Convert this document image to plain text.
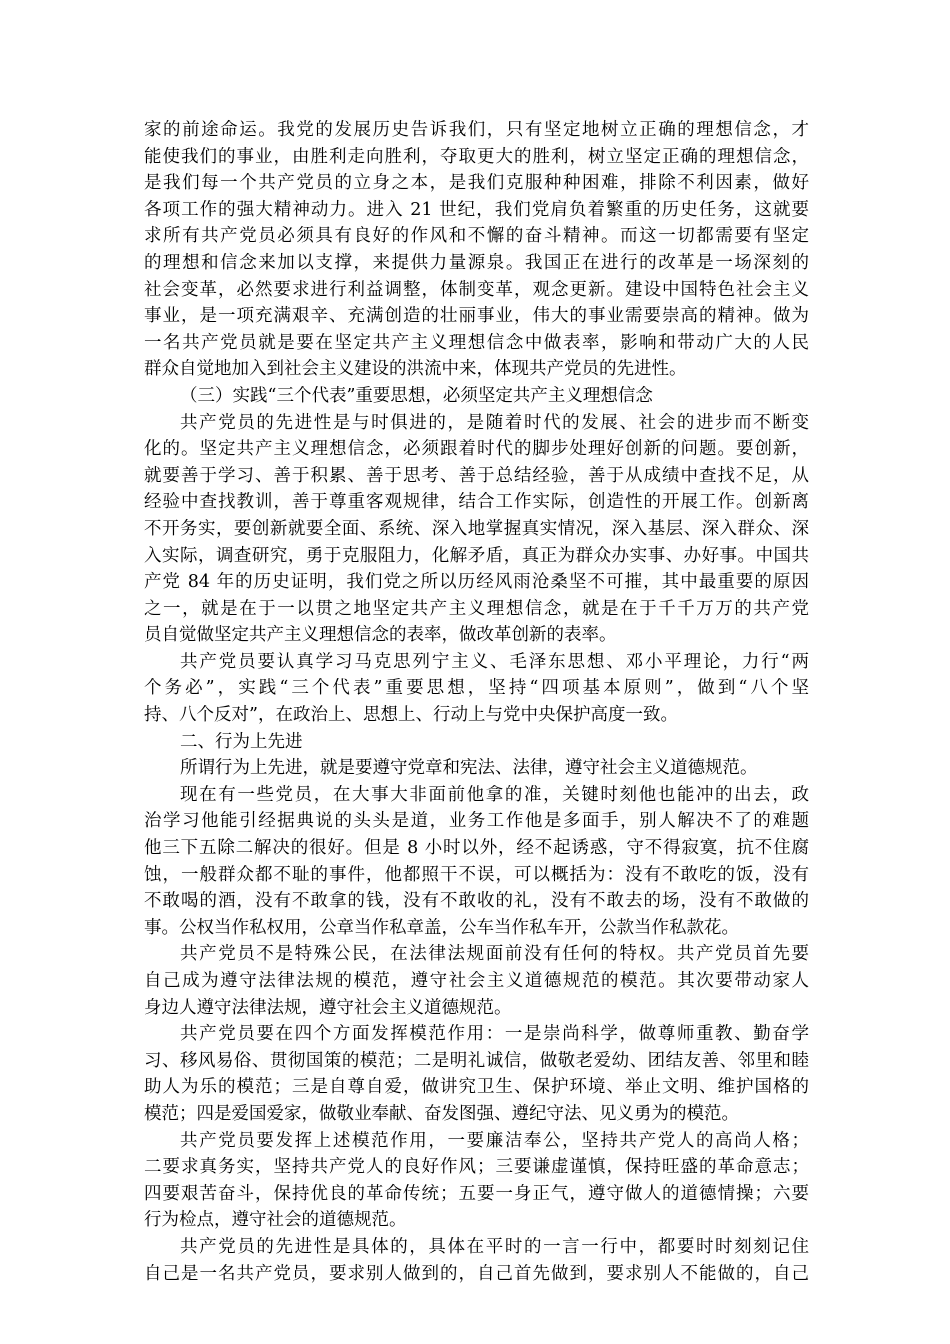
家的前途命运。我党的发展历史告诉我们，只有坚定地树立正确的理想信念，才
能使我们的事业，由胜利走向胜利，夺取更大的胜利，树立坚定正确的理想信念，
是我们每一个共产党员的立身之本，是我们克服种种困难，排除不利因素，做好
各项工作的强大精神动力。进入 21 世纪，我们党肩负着繁重的历史任务，这就要
求所有共产党员必须具有良好的作风和不懈的奋斗精神。而这一切都需要有坚定
的理想和信念来加以支撑，来提供力量源泉。我国正在进行的改革是一场深刻的
社会变革，必然要求进行利益调整，体制变革，观念更新。建设中国特色社会主义
事业，是一项充满艰辛、充满创造的壮丽事业，伟大的事业需要崇高的精神。做为
一名共产党员就是要在坚定共产主义理想信念中做表率，影响和带动广大的人民
群众自觉地加入到社会主义建设的洪流中来，体现共产党员的先进性。
（三）实践“三个代表”重要思想，必须坚定共产主义理想信念
共产党员的先进性是与时俱进的，是随着时代的发展、社会的进步而不断变
化的。坚定共产主义理想信念，必须跟着时代的脚步处理好创新的问题。要创新，
就要善于学习、善于积累、善于思考、善于总结经验，善于从成绩中查找不足，从
经验中查找教训，善于尊重客观规律，结合工作实际，创造性的开展工作。创新离
不开务实，要创新就要全面、系统、深入地掌握真实情况，深入基层、深入群众、深
入实际，调查研究，勇于克服阻力，化解矛盾，真正为群众办实事、办好事。中国共
产党 84 年的历史证明，我们党之所以历经风雨沧桑坚不可摧，其中最重要的原因
之一，就是在于一以贯之地坚定共产主义理想信念，就是在于千千万万的共产党
员自觉做坚定共产主义理想信念的表率，做改革创新的表率。
共产党员要认真学习马克思列宁主义、毛泽东思想、邓小平理论，力行“两
个务必”，实践“三个代表”重要思想，坚持“四项基本原则”，做到“八个坚
持、八个反对”，在政治上、思想上、行动上与党中央保护高度一致。
二、行为上先进
所谓行为上先进，就是要遵守党章和宪法、法律，遵守社会主义道德规范。
现在有一些党员，在大事大非面前他拿的准，关键时刻他也能冲的出去，政
治学习他能引经据典说的头头是道，业务工作他是多面手，别人解决不了的难题
他三下五除二解决的很好。但是 8 小时以外，经不起诱惑，守不得寂寞，抗不住腐
蚀，一般群众都不耻的事件，他都照干不误，可以概括为：没有不敢吃的饭，没有
不敢喝的酒，没有不敢拿的钱，没有不敢收的礼，没有不敢去的场，没有不敢做的
事。公权当作私权用，公章当作私章盖，公车当作私车开，公款当作私款花。
共产党员不是特殊公民，在法律法规面前没有任何的特权。共产党员首先要
自己成为遵守法律法规的模范，遵守社会主义道德规范的模范。其次要带动家人
身边人遵守法律法规，遵守社会主义道德规范。
共产党员要在四个方面发挥模范作用：一是崇尚科学，做尊师重教、勤奋学
习、移风易俗、贯彻国策的模范；二是明礼诚信，做敬老爱幼、团结友善、邻里和睦
助人为乐的模范；三是自尊自爱，做讲究卫生、保护环境、举止文明、维护国格的
模范；四是爱国爱家，做敬业奉献、奋发图强、遵纪守法、见义勇为的模范。
共产党员要发挥上述模范作用，一要廉洁奉公，坚持共产党人的高尚人格；
二要求真务实，坚持共产党人的良好作风；三要谦虚谨慎，保持旺盛的革命意志；
四要艰苦奋斗，保持优良的革命传统；五要一身正气，遵守做人的道德情操；六要
行为检点，遵守社会的道德规范。
共产党员的先进性是具体的，具体在平时的一言一行中，都要时时刻刻记住
自己是一名共产党员，要求别人做到的，自己首先做到，要求别人不能做的，自己
